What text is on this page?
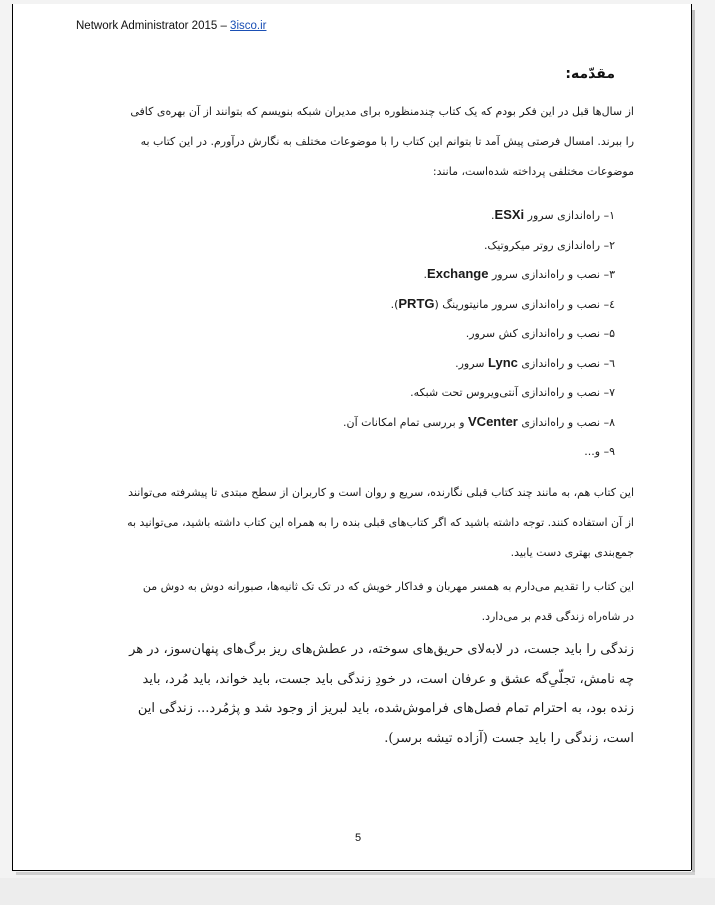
Network Administrator 2015 – 3isco.ir
مقدّمه:
از سال‌ها قبل در این فکر بودم که یک کتاب چندمنظوره برای مدیران شبکه بنویسم که بتوانند از آن بهره‌ی کافی
را ببرند. امسال فرصتی پیش آمد تا بتوانم این کتاب را با موضوعات مختلف به نگارش درآورم. در این کتاب به
موضوعات مختلفی پرداخته شده‌است، مانند:
۱– راه‌اندازی سرور ESXi.
۲– راه‌اندازی روتر میکروتیک.
۳– نصب و راه‌اندازی سرور Exchange.
٤– نصب و راه‌اندازی سرور مانیتورینگ (PRTG).
۵– نصب و راه‌اندازی کش سرور.
٦– نصب و راه‌اندازی Lync سرور.
۷– نصب و راه‌اندازی آنتی‌ویروس تحت شبکه.
۸– نصب و راه‌اندازی VCenter و بررسی تمام امکانات آن.
۹– و...
این کتاب هم، به مانند چند کتاب قبلی نگارنده، سریع و روان است و کاربران از سطح مبتدی تا پیشرفته می‌توانند
از آن استفاده کنند. توجه داشته باشید که اگر کتاب‌های قبلی بنده را به همراه این کتاب داشته باشید، می‌توانید به
جمع‌بندی بهتری دست یابید.
این کتاب را تقدیم می‌دارم به همسر مهربان و فداکار خویش که در تک تک ثانیه‌ها، صبورانه دوش به دوش من
در شاه‌راه زندگی قدم بر می‌دارد.
زندگی را باید جست، در لابه‌لای حریق‌های سوخته، در عطش‌های ریز برگ‌های پنهان‌سوز، در هر
چه نامش، تجلّیِ‌گه عشق و عرفان است، در خودِ زندگی باید جست، باید خواند، باید مُرد، باید
زنده بود، به احترام تمام فصل‌های فراموش‌شده، باید لبریز از وجود شد و پژمُرد... زندگی این
است، زندگی را باید جست (آزاده تیشه برسر).
5
